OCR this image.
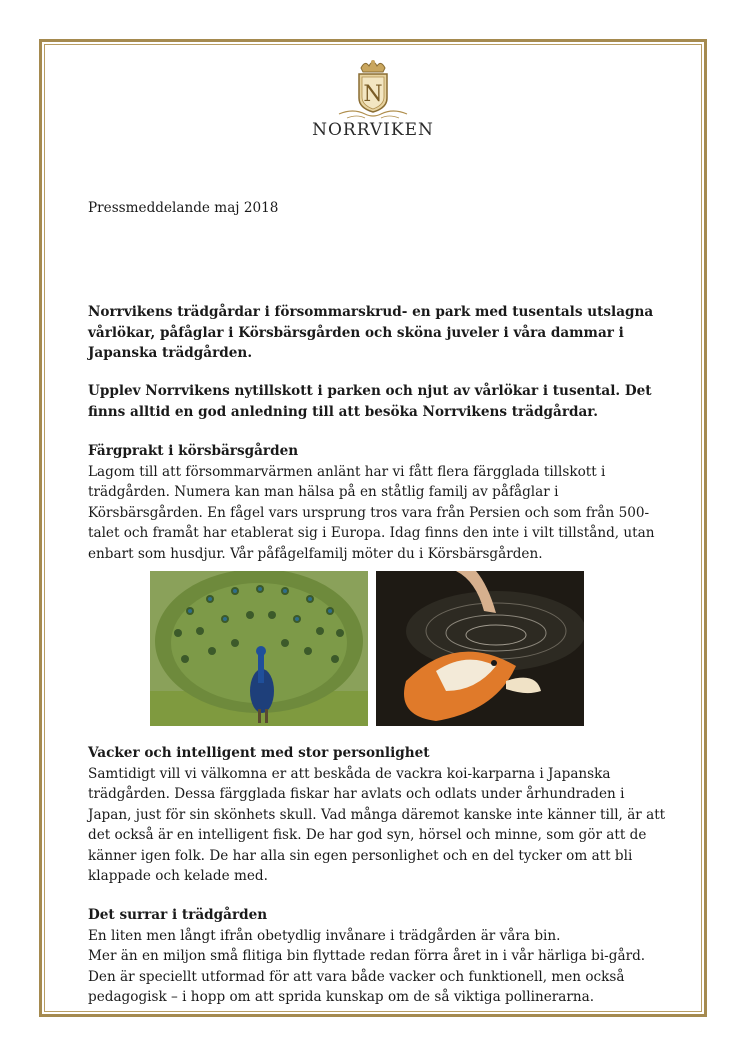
N
NORRVIKEN
Pressmeddelande maj 2018
Norrvikens trädgårdar i försommarskrud- en park med tusentals utslagna vårlökar, påfåglar i Körsbärsgården och sköna juveler i våra dammar i Japanska trädgården.
Upplev Norrvikens nytillskott i parken och njut av vårlökar i tusental. Det finns alltid en god anledning till att besöka Norrvikens trädgårdar.
Färgprakt i körsbärsgården

Lagom till att försommarvärmen anlänt har vi fått flera färgglada tillskott i trädgården. Numera kan man hälsa på en ståtlig familj av påfåglar i Körsbärsgården. En fågel vars ursprung tros vara från Persien och som från 500-talet och framåt har etablerat sig i Europa. Idag finns den inte i vilt tillstånd, utan enbart som husdjur. Vår påfågelfamilj möter du i Körsbärsgården.

Vacker och intelligent med stor personlighet

Samtidigt vill vi välkomna er att beskåda de vackra koi-karparna i Japanska trädgården. Dessa färgglada fiskar har avlats och odlats under århundraden i Japan, just för sin skönhets skull. Vad många däremot kanske inte känner till, är att det också är en intelligent fisk. De har god syn, hörsel och minne, som gör att de känner igen folk. De har alla sin egen personlighet och en del tycker om att bli klappade och kelade med.

Det surrar i trädgården

En liten men långt ifrån obetydlig invånare i trädgården är våra bin.

Mer än en miljon små flitiga bin flyttade redan förra året in i vår härliga bi-gård.

Den är speciellt utformad för att vara både vacker och funktionell, men också pedagogisk – i hopp om att sprida kunskap om de så viktiga pollinerarna.
